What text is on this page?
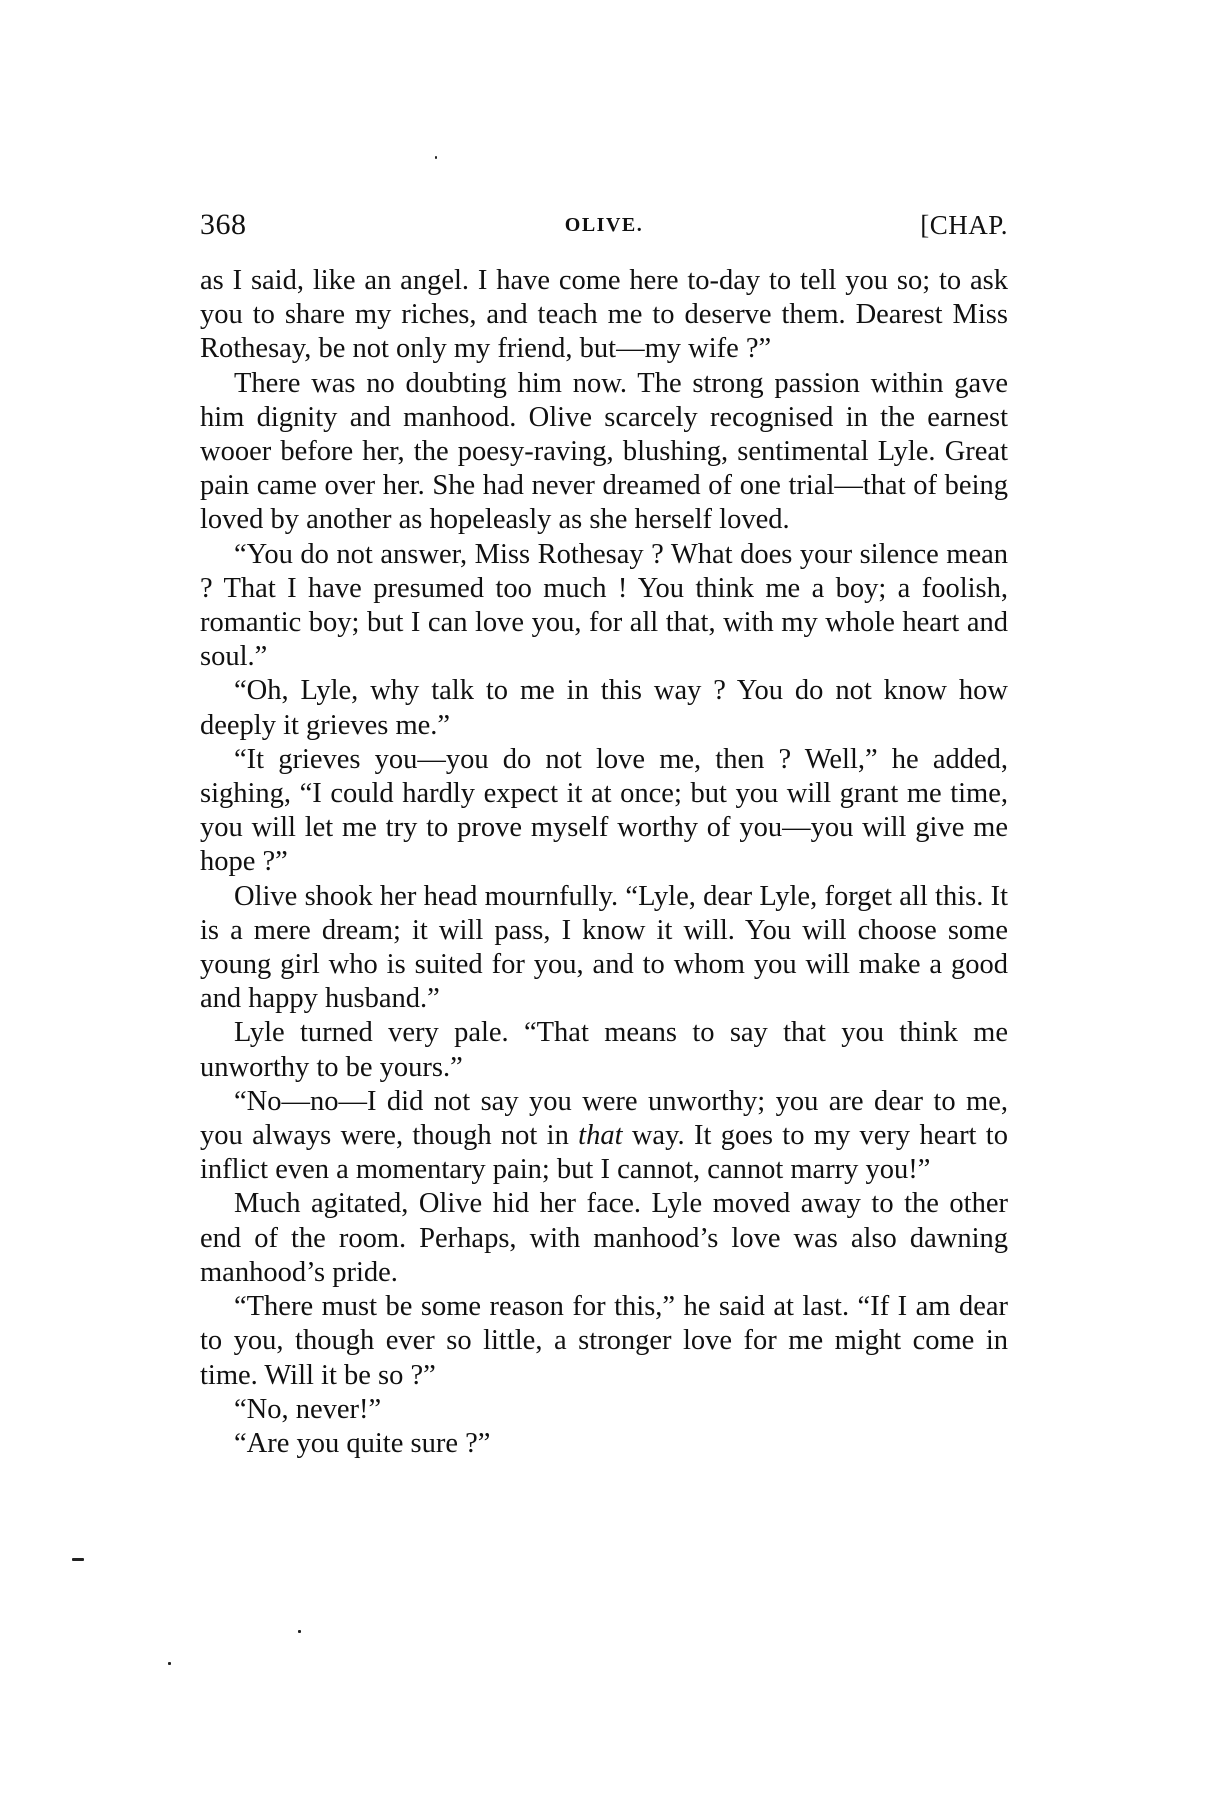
368	OLIVE.	[CHAP.

as I said, like an angel. I have come here to-day to tell you so; to ask you to share my riches, and teach me to deserve them. Dearest Miss Rothesay, be not only my friend, but—my wife ?”

There was no doubting him now. The strong passion within gave him dignity and manhood. Olive scarcely recognised in the earnest wooer before her, the poesy-raving, blushing, sentimental Lyle. Great pain came over her. She had never dreamed of one trial—that of being loved by another as hopeleasly as she herself loved.

“You do not answer, Miss Rothesay ? What does your silence mean ? That I have presumed too much ! You think me a boy; a foolish, romantic boy; but I can love you, for all that, with my whole heart and soul.”

“Oh, Lyle, why talk to me in this way ? You do not know how deeply it grieves me.”

“It grieves you—you do not love me, then ? Well,” he added, sighing, “I could hardly expect it at once; but you will grant me time, you will let me try to prove myself worthy of you—you will give me hope ?”

Olive shook her head mournfully. “Lyle, dear Lyle, forget all this. It is a mere dream; it will pass, I know it will. You will choose some young girl who is suited for you, and to whom you will make a good and happy husband.”

Lyle turned very pale. “That means to say that you think me unworthy to be yours.”

“No—no—I did not say you were unworthy; you are dear to me, you always were, though not in that way. It goes to my very heart to inflict even a momentary pain; but I cannot, cannot marry you!”

Much agitated, Olive hid her face. Lyle moved away to the other end of the room. Perhaps, with manhood’s love was also dawning manhood’s pride.

“There must be some reason for this,” he said at last. “If I am dear to you, though ever so little, a stronger love for me might come in time. Will it be so ?”

“No, never!”

“Are you quite sure ?”
